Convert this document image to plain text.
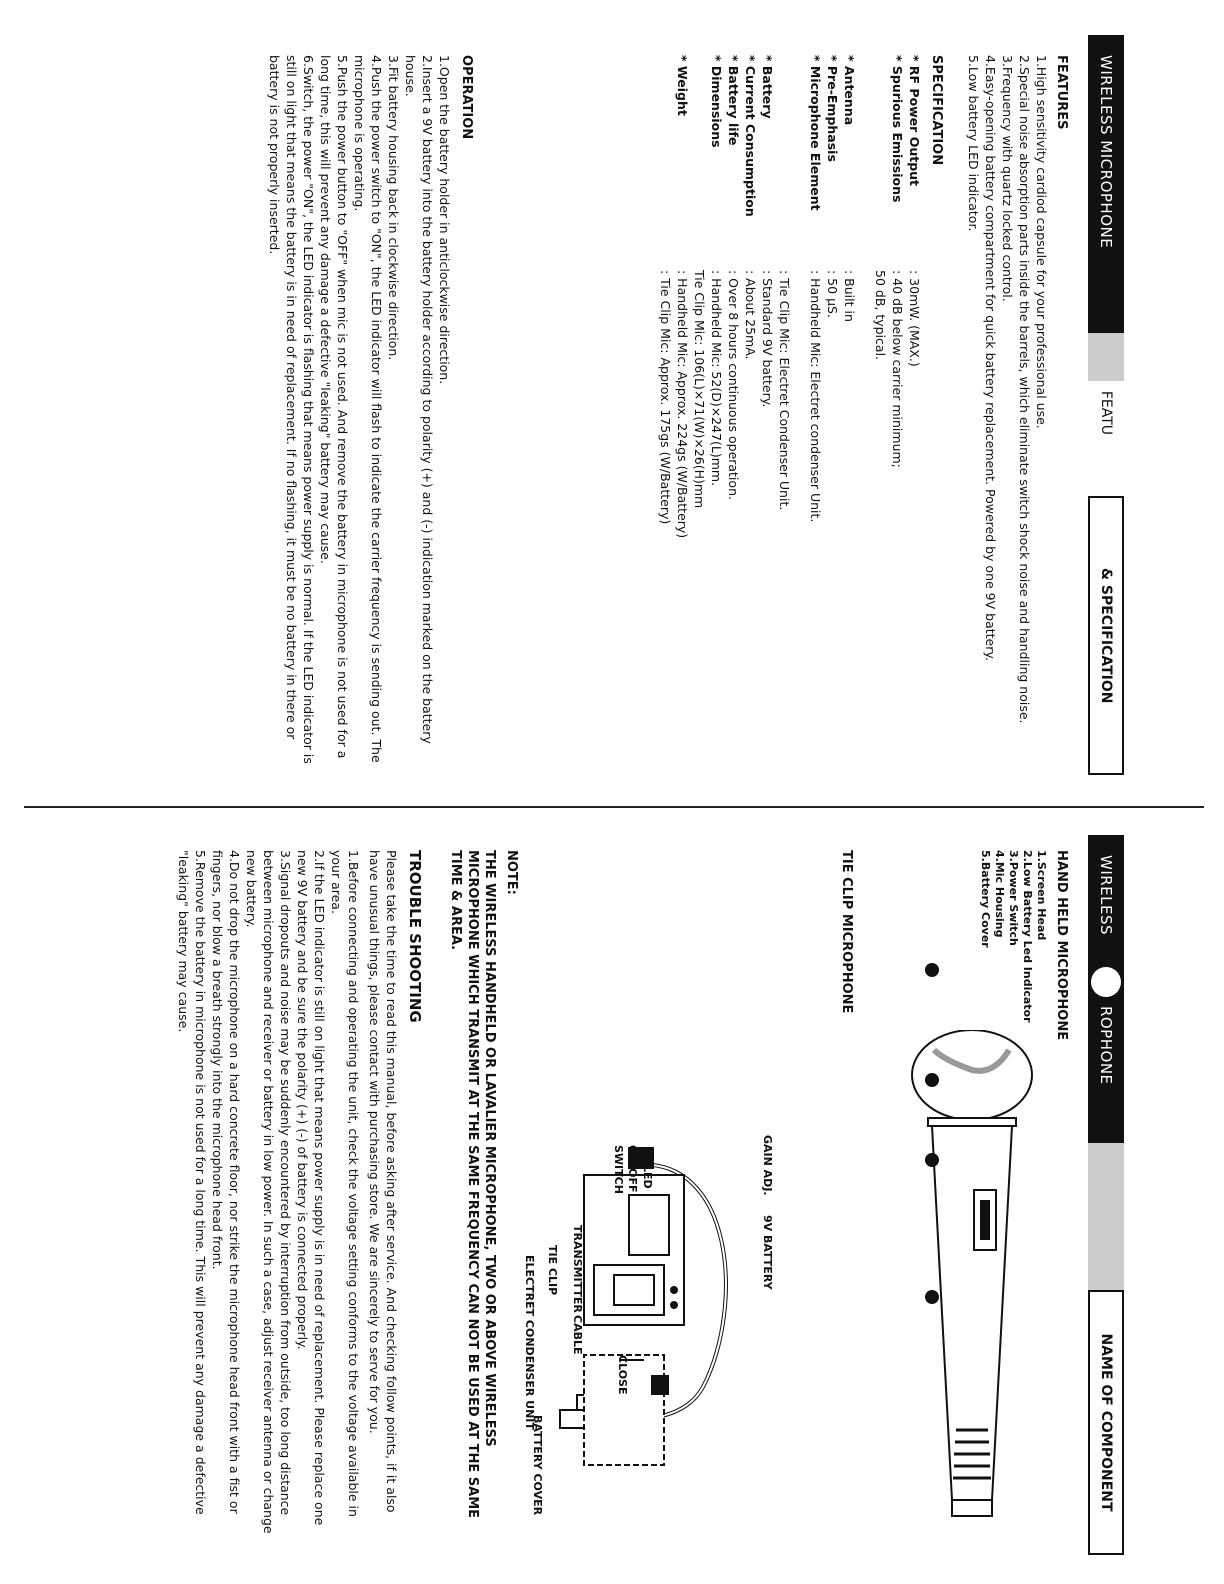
WIRELESS MICROPHONE
FEATU
& SPECIFICATION
FEATURES
1.High sensitivity cardiod capsule for your professional use.
2.Special noise absorption parts inside the barrels, which eliminate switch shock noise and handling noise.
3.Frequency with quartz locked control.
4.Easy-opening battery compartment for quick battery replacement. Powered by one 9V battery.
5.Low battery LED indicator.
SPECIFICATION
* RF Power Output
: 30mW. (MAX.)
* Spurious Emissions
: 40 dB below carrier minimum;
50 dB, typical.
* Antenna
: Built in
* Pre-Emphasis
: 50 μS.
* Microphone Element
: Handheld Mic: Electret condenser Unit.
: Tie Clip Mic: Electret Condenser Unit.
* Battery
: Standard 9V battery.
* Current Consumption
: About 25mA.
* Battery life
: Over 8 hours continuous operation.
* Dimensions
: Handheld Mic: 52(D)×247(L)mm.
Tie Clip Mic: 106(L)×71(W)×26(H)mm
* Weight
: Handheld Mic: Approx. 224gs (W/Battery)
: Tie Clip Mic: Approx. 175gs (W/Battery)
OPERATION
1.Open the battery holder in anticlockwise direction.
2.Insert a 9V battery into the battery holder according to polarity (+) and (-) indication marked on the battery house.
3.Fit battery housing back in clockwise direction.
4.Push the power switch to "ON", the LED indicator will flash to indicate the carrier frequency is sending out. The microphone is operating.
5.Push the power button to "OFF" when mic is not used. And remove the battery in microphone is not used for a long time, this will prevent any damage a defective "leaking" battery may cause.
6.Switch, the power "ON", the LED indicator is flashing that means power supply is normal. If the LED indicator is still on light that means the battery is in need of replacement. If no flashing, it must be no battery in there or battery is not properly inserted.
WIRELESS
ROPHONE
NAME OF COMPONENT
HAND HELD MICROPHONE
1.Screen Head
2.Low Battery Led Indicator
3.Power Switch
4.Mic Housing
5.Battery Cover
TIE CLIP MICROPHONE
GAIN ADJ.
9V BATTERY
LED
ON-OFF
SWITCH
CLOSE
TRANSMITTER
CABLE
TIE CLIP
ELECTRET CONDENSER UNIT
BATTERY COVER
NOTE:

THE WIRELESS HANDHELD OR LAVALIER MICROPHONE, TWO OR ABOVE WIRELESS MICROPHONE WHICH TRANSMIT AT THE SAME FREQUENCY CAN NOT BE USED AT THE SAME TIME & AREA.

TROUBLE SHOOTING

Please take the time to read this manual, before asking after service. And checking follow points, if it also have unusual things, please contact with purchasing store. We are sincerely to serve for you.

1.Before connecting and operating the unit, check the voltage setting conforms to the voltage available in your area.
2.If the LED indicator is still on light that means power supply is in need of replacement. Please replace one new 9V battery and be sure the polarity (+) (-) of battery is connected properly.
3.Signal dropouts and noise may be suddenly encountered by interruption from outside, too long distance between microphone and receiver or battery in low power. In such a case, adjust receiver antenna or change new battery.
4.Do not drop the microphone on a hard concrete floor, nor strike the microphone head front with a fist or fingers, nor blow a breath strongly into the microphone head front.
5.Remove the battery in microphone is not used for a long time. This will prevent any damage a defective "leaking" battery may cause.
